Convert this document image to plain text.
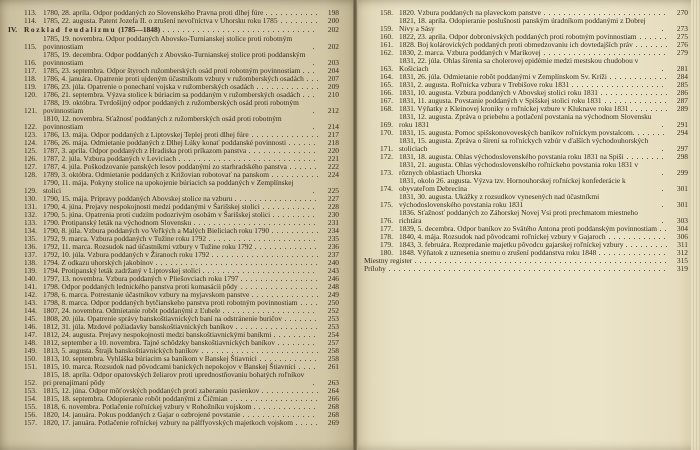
113. 1780, 28. apríla. Odpor poddaných zo Slovenského Pravna proti dlhej fúre	198
114. 1785, 22. augusta. Patent Jozefa II. o zrušení nevoľníctva v Uhorsku roku 1785	200
IV. Rozklad feudalizmu (1785—1848)	202
115.
1785, 19. novembra. Odpor poddaných Abovsko-Turnianskej stolice proti robotným povinnostiam	202
116.
1785, 19. decembra. Odpor poddaných z Abovsko-Turnianskej stolice proti poddanským povinnostiam	203
117. 1785, 23. septembra. Odpor štyroch ružomberských osád proti robotným povinnostiam	204
118. 1786, 4. januára. Opatrenie proti ujdeným účastníkom vzbury v ružomberských osadách	207
119. 1786, 23. júla. Opatrenie o ponechaní vojska v ružomberských osadách	209
120. 1786, 21. septembra. Výzva stolice k búriacim sa poddaným v ružomberských osadách	210
121.
1788, 19. októbra. Tvrdošijný odpor poddaných z ružomberských osád proti robotným povinnostiam	212
122.
1810, 12. novembra. Sťažnosť poddaných z ružomberských osád proti robotným povinnostiam	214
123. 1786, 13. mája. Odpor poddaných z Liptovskej Teplej proti dlhej fúre	217
124. 1786, 26. mája. Odmietanie poddaných z Dlhej Lúky konať poddanské povinnosti	218
125. 1787, 3. apríla. Odpor poddaných z Hradiska proti príkazom panstva	220
126. 1787, 2. júla. Vzbura poddaných v Leviciach	221
127. 1787, 4. júla. Poškodzovanie panských lesov poddanými zo starhradského panstva	222
128. 1789, 3. októbra. Odmietanie poddaných z Križovian robotovať na panskom	224
129.
1790, 11. mája. Pokyny stolice na upokojenie búriacich sa poddaných v Zemplínskej stolici	225
130. 1790, 15. mája. Prípravy poddaných Abovskej stolice na vzburu	227
131. 1790, 4. júna. Prejavy nespokojnosti medzi poddanými v Šarišskej stolici	228
132. 1790, 5. júna. Opatrenia proti cudzím podozrivým osobám v Šarišskej stolici	230
133. 1790. Protipanský leták na východnom Slovensku	231
134. 1790, 8. júla. Vzbura poddaných vo Veľkých a Malých Bieliciach roku 1790	234
135. 1792, 9. marca. Vzbura poddaných v Tužine roku 1792	235
136. 1792, 11. marca. Rozsudok nad účastníkmi vzbury v Tužine roku 1792	236
137. 1792, 10. júla. Vzbura poddaných v Žiranoch roku 1792	237
138. 1794. Z odkazu uhorských jakobínov	240
139. 1794. Protipanský leták zadržaný v Liptovskej stolici	243
140. 1797, 13. novembra. Vzbura poddaných v Pliešovciach roku 1797	246
141. 1798. Odpor poddaných lednického panstva proti komasácii pôdy	248
142. 1798, 6. marca. Potrestanie účastníkov vzbury na myjavskom panstve	249
143. 1798, 8. marca. Odpor poddaných bytčianskeho panstva proti robotným povinnostiam	250
144. 1807, 24. novembra. Odmietanie robôt poddanými z Ľubele	252
145. 1808, 20. júla. Opatrenie správy banskoštiavnických baní na odstránenie buričov	253
146. 1812, 31. júla. Mzdové požiadavky banskoštiavnických baníkov	253
147. 1812, 24. augusta. Prejavy nespokojnosti medzi banskoštiavnickými baníkmi	254
148. 1812, september a 10. novembra. Tajné schôdzky banskoštiavnických baníkov	257
149. 1813, 5. augusta. Štrajk banskoštiavnických baníkov	258
150. 1813, 10. septembra. Vyhláška búriacim sa baníkom v Banskej Štiavnici	258
151. 1815, 10. marca. Rozsudok nad pôvodcami banických nepokojov v Banskej Štiavnici	261
152.
1815, 18. apríla. Odpor opatovských želiarov proti uprednostňovaniu bohatých roľníkov pri prenajímaní pôdy	263
153. 1815, 12. júna. Odpor môťovských poddaných proti zaberaniu pasienkov	264
154. 1815, 18. septembra. Odopieranie robôt poddanými z Čičmian	266
155. 1818, 6. novembra. Potlačenie roľníckej vzbury v Rohožníku vojskom	268
156. 1820, 14. januára. Pokus poddaných z Gajar o ozbrojené povstanie	268
157. 1820, 17. januára. Potlačenie roľníckej vzbury na pálffyovských majetkoch vojskom	269
158. 1820. Vzbura poddaných na plaveckom panstve	270
159.
1821, 18. apríla. Odopieranie poslušnosti panským úradníkom poddanými z Dobrej Nivy a Sásy	273
160. 1822, 23. apríla. Odpor dobronivských poddaných proti robotným povinnostiam	275
161. 1828. Boj kolárovických poddaných proti obmedzovaniu ich dovtedajších práv	276
162. 1830, 2. marca. Vzbura poddaných v Maríkovej	279
163.
1831, 22. júla. Ohlas šírenia sa cholerovej epidémie medzi mestskou chudobou v Košiciach	281
164. 1831, 26. júla. Odmietanie robôt poddanými v Zemplínskom Sv. Kríži	284
165. 1831, 2. augusta. Roľnícka vzbura v Trebišove roku 1831	285
166. 1831, 10. augusta. Vzbura poddaných v Abovskej stolici roku 1831	286
167. 1831, 11. augusta. Povstanie poddaných v Spišskej stolici roku 1831	287
168. 1831. Výňatky z Kleinovej kroniky o roľníckej vzbure v Kluknave roku 1831	289
169.
1831, 12. augusta. Zpráva o priebehu a potlačení povstania na východnom Slovensku roku 1831	291
170. 1831, 15. augusta. Pomoc spišskonovoveských baníkov roľníckym povstalcom.	294
171.
1831, 15. augusta. Zpráva o šírení sa roľníckych vzbúr v ďalších východouhorských stoliciach	297
172. 1831, 18. augusta. Ohlas východoslovenského povstania roku 1831 na Spiši	298
173.
1831, 21. augusta. Ohlas východoslovenského roľníckeho povstania roku 1831 v rôznych oblastiach Uhorska	299
174.
1831, okolo 26. augusta. Výzva tzv. Hornouhorskej roľníckej konfederácie k obyvateľom Debrecína	301
175.
1831, 30. augusta. Ukážky z rozsudkov vynesených nad účastníkmi východoslovenského povstania roku 1831	301
176.
1836. Sťažnosť poddaných zo Záhorskej Novej Vsi proti prechmatom miestneho richtára	303
177. 1839, 5. decembra. Odpor baníkov zo Svätého Antona proti poddanským povinnostiam	304
178. 1840, 4. mája. Rozsudok nad pôvodcami roľníckej vzbury v Gajaroch	306
179. 1843, 3. februára. Rozpredanie majetku pôvodcu gajarskej roľníckej vzbury	311
180. 1848. Výňatok z uznesenia snemu o zrušení poddanstva roku 1848	312
Miestny register	315
Prílohy	319
